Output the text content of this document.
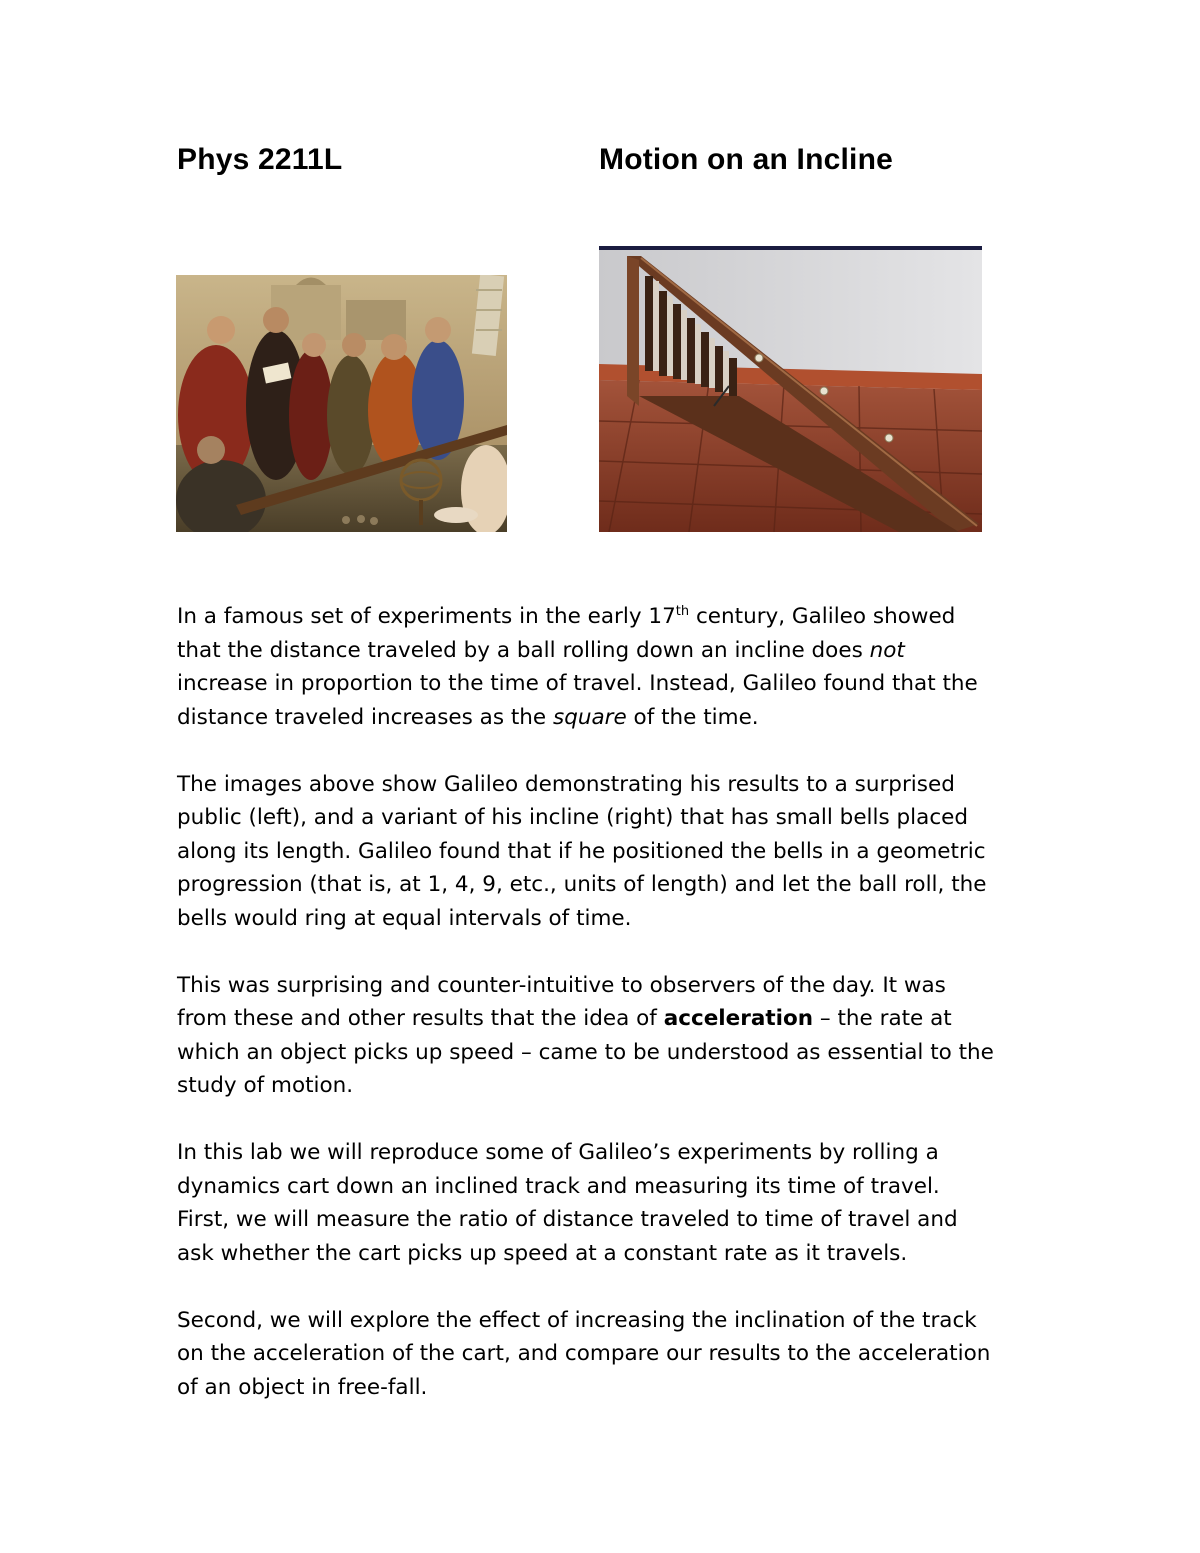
Phys 2211L	Motion on an Incline

In a famous set of experiments in the early 17th century, Galileo showed
that the distance traveled by a ball rolling down an incline does not
increase in proportion to the time of travel. Instead, Galileo found that the
distance traveled increases as the square of the time.

The images above show Galileo demonstrating his results to a surprised
public (left), and a variant of his incline (right) that has small bells placed
along its length. Galileo found that if he positioned the bells in a geometric
progression (that is, at 1, 4, 9, etc., units of length) and let the ball roll, the
bells would ring at equal intervals of time.

This was surprising and counter-intuitive to observers of the day. It was
from these and other results that the idea of acceleration – the rate at
which an object picks up speed – came to be understood as essential to the
study of motion.

In this lab we will reproduce some of Galileo’s experiments by rolling a
dynamics cart down an inclined track and measuring its time of travel.
First, we will measure the ratio of distance traveled to time of travel and
ask whether the cart picks up speed at a constant rate as it travels.

Second, we will explore the effect of increasing the inclination of the track
on the acceleration of the cart, and compare our results to the acceleration
of an object in free-fall.
